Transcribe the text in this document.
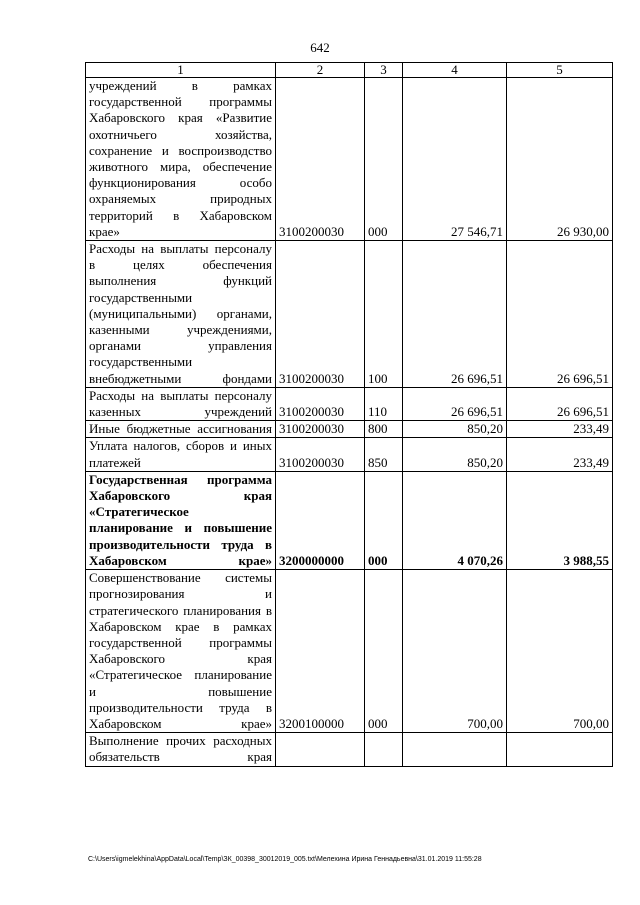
642
1	2	3	4	5
учреждений в рамках государственной программы Хабаровского края «Развитие охотничьего хозяйства, сохранение и воспроизводство животного мира, обеспечение функционирования особо охраняемых природных территорий в Хабаровском крае»	3100200030	000	27 546,71	26 930,00
Расходы на выплаты персоналу в целях обеспечения выполнения функций государственными (муниципальными) органами, казенными учреждениями, органами управления государственными внебюджетными фондами	3100200030	100	26 696,51	26 696,51
Расходы на выплаты персоналу казенных учреждений	3100200030	110	26 696,51	26 696,51
Иные бюджетные ассигнования	3100200030	800	850,20	233,49
Уплата налогов, сборов и иных платежей	3100200030	850	850,20	233,49
Государственная программа Хабаровского края «Стратегическое планирование и повышение производительности труда в Хабаровском крае»	3200000000	000	4 070,26	3 988,55
Совершенствование системы прогнозирования и стратегического планирования в Хабаровском крае в рамках государственной программы Хабаровского края «Стратегическое планирование и повышение производительности труда в Хабаровском крае»	3200100000	000	700,00	700,00
Выполнение прочих расходных обязательств края				
C:\Users\igmelekhina\AppData\Local\Temp\ЗК_00398_30012019_005.txt\Мелехина Ирина Геннадьевна\31.01.2019 11:55:28
